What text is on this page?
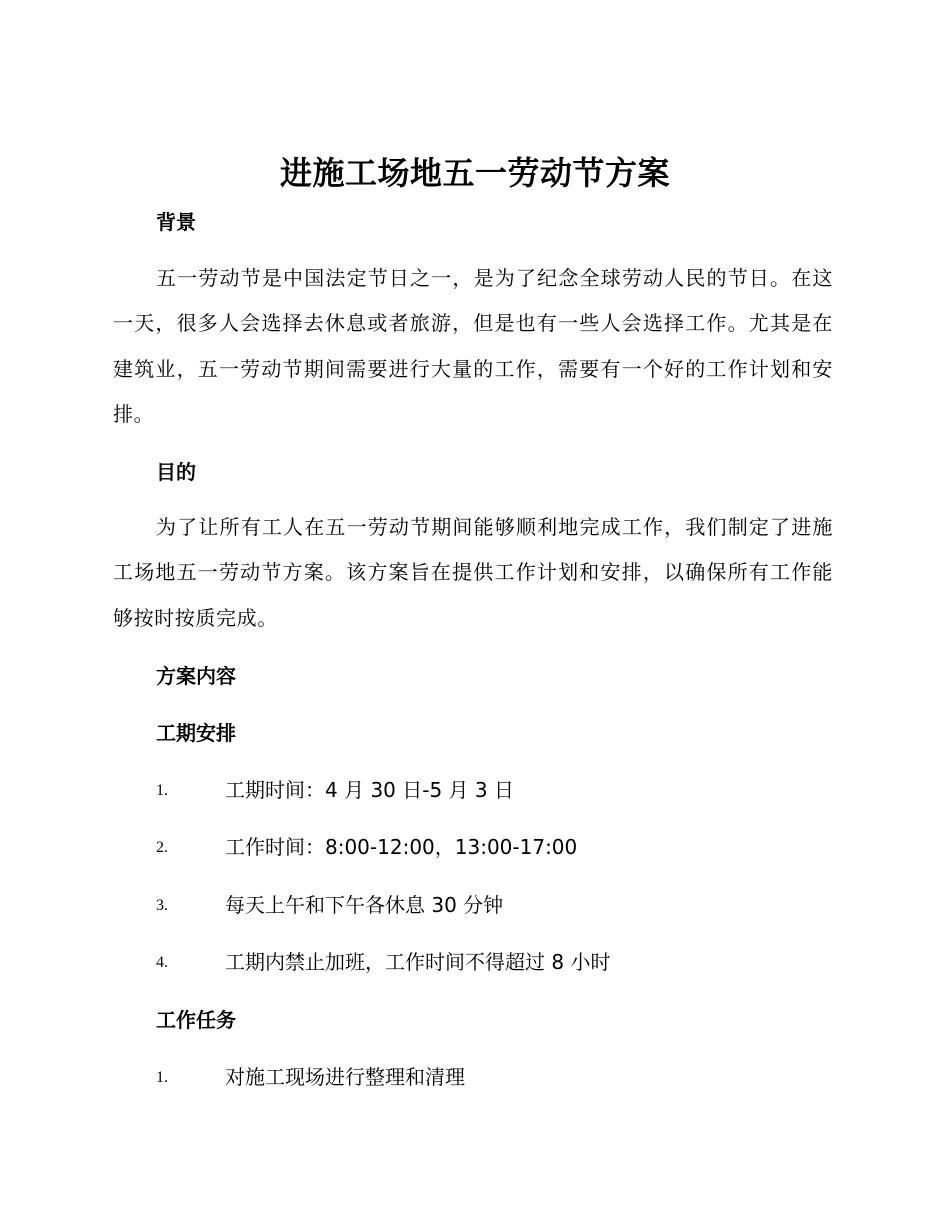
进施工场地五一劳动节方案
背景
五一劳动节是中国法定节日之一，是为了纪念全球劳动人民的节日。在这一天，很多人会选择去休息或者旅游，但是也有一些人会选择工作。尤其是在建筑业，五一劳动节期间需要进行大量的工作，需要有一个好的工作计划和安排。
目的
为了让所有工人在五一劳动节期间能够顺利地完成工作，我们制定了进施工场地五一劳动节方案。该方案旨在提供工作计划和安排，以确保所有工作能够按时按质完成。
方案内容
工期安排
1.	工期时间：4 月 30 日-5 月 3 日
2.	工作时间：8:00-12:00，13:00-17:00
3.	每天上午和下午各休息 30 分钟
4.	工期内禁止加班，工作时间不得超过 8 小时
工作任务
1.	对施工现场进行整理和清理
